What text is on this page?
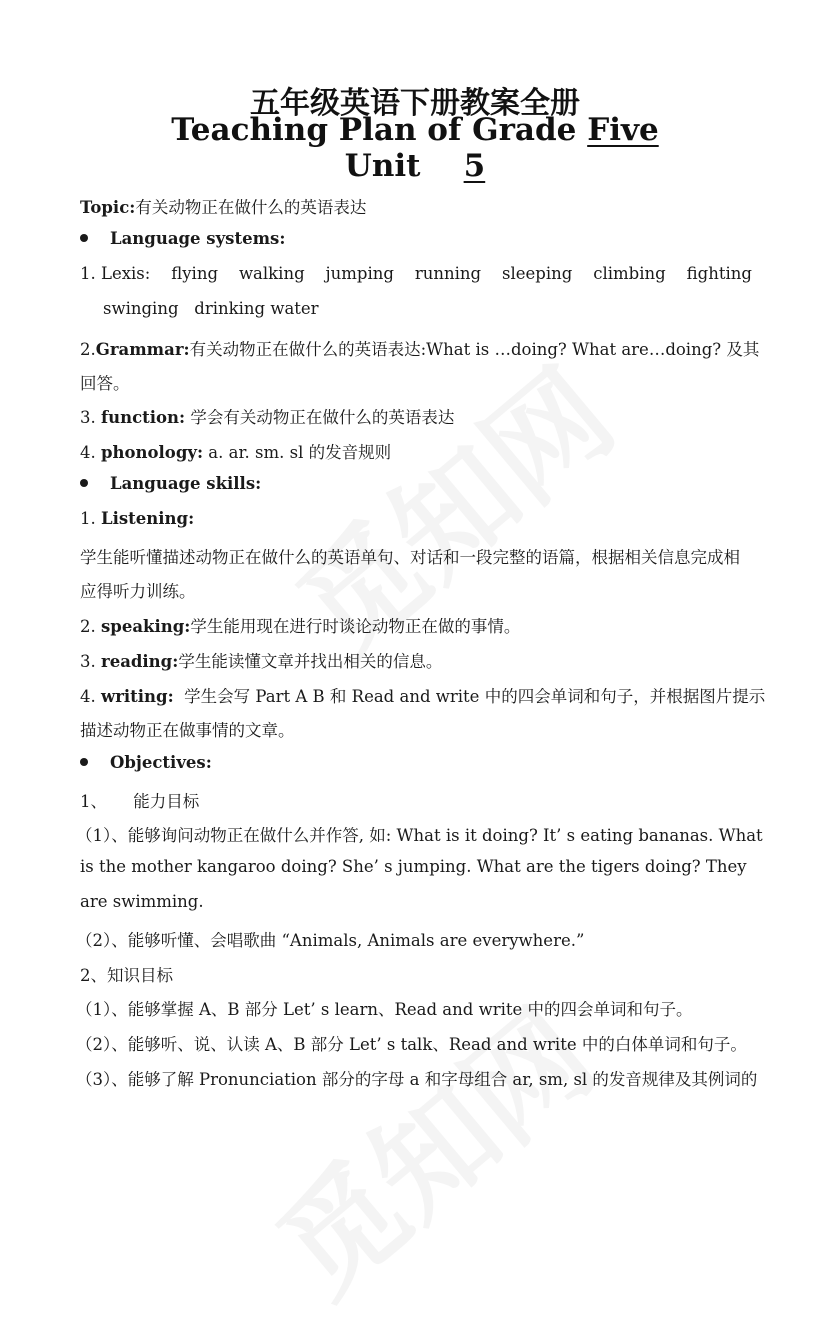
五年级英语下册教案全册
Teaching Plan of Grade Five
Unit 5
Topic:有关动物正在做什么的英语表达
Language systems:
1. Lexis: flying walking jumping running sleeping climbing fighting
swinging   drinking water
2.Grammar:有关动物正在做什么的英语表达:What is …doing? What are…doing? 及其
回答。
3. function: 学会有关动物正在做什么的英语表达
4. phonology: a. ar. sm. sl 的发音规则
Language skills:
1. Listening:
学生能听懂描述动物正在做什么的英语单句、对话和一段完整的语篇，根据相关信息完成相
应得听力训练。
2. speaking:学生能用现在进行时谈论动物正在做的事情。
3. reading:学生能读懂文章并找出相关的信息。
4. writing:  学生会写 Part A B 和 Read and write 中的四会单词和句子，并根据图片提示
描述动物正在做事情的文章。
Objectives:
1、     能力目标
（1）、能够询问动物正在做什么并作答, 如: What is it doing? It’ s eating bananas. What
is the mother kangaroo doing? She’ s jumping. What are the tigers doing? They
are swimming.
（2）、能够听懂、会唱歌曲 “Animals, Animals are everywhere.”
2、知识目标
（1）、能够掌握 A、B 部分 Let’ s learn、Read and write 中的四会单词和句子。
（2）、能够听、说、认读 A、B 部分 Let’ s talk、Read and write 中的白体单词和句子。
（3）、能够了解 Pronunciation 部分的字母 a 和字母组合 ar, sm, sl 的发音规律及其例词的
